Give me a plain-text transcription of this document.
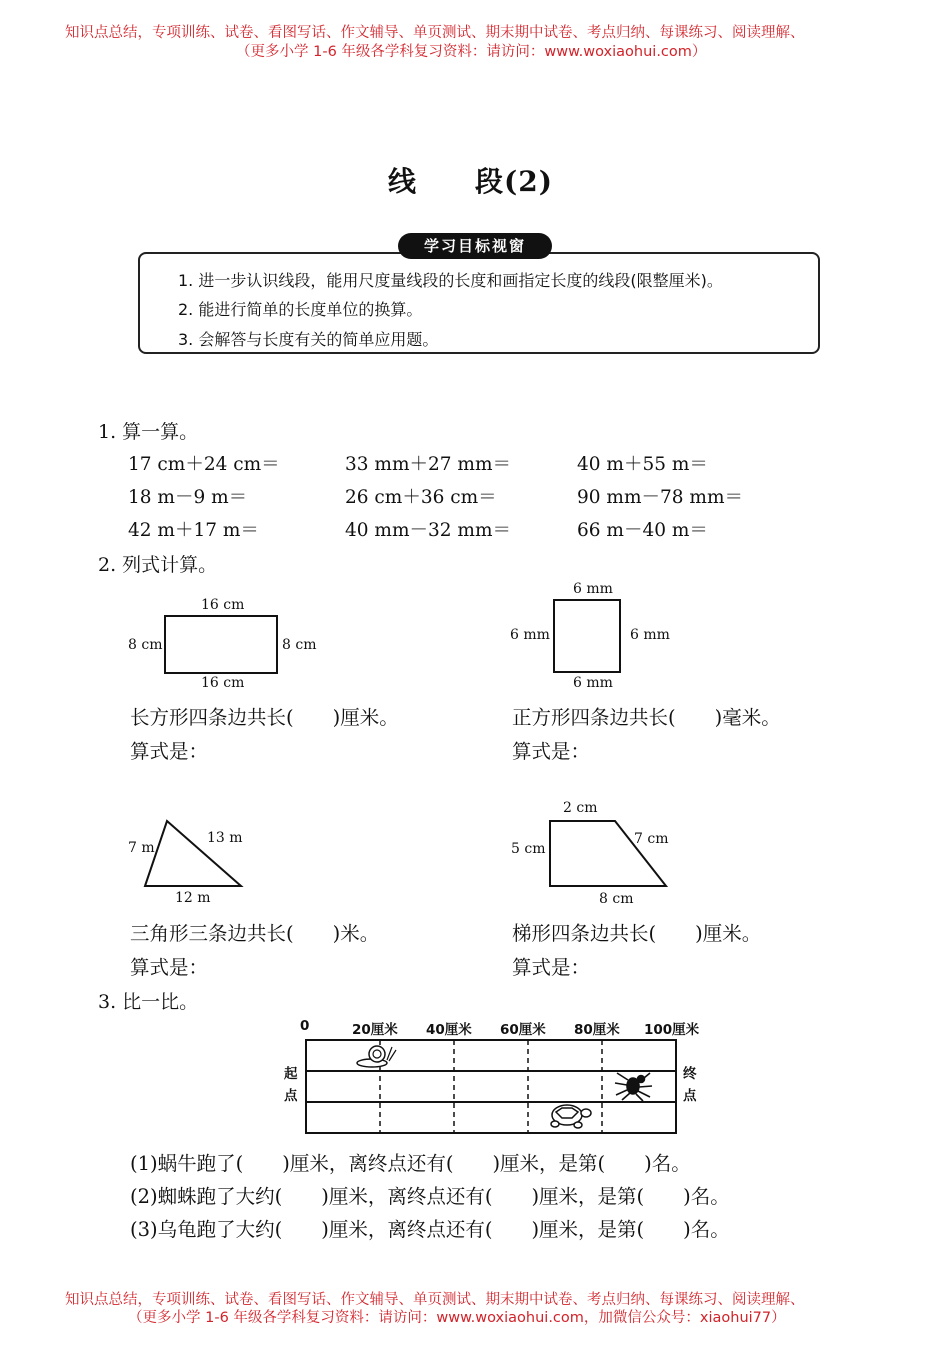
知识点总结，专项训练、试卷、看图写话、作文辅导、单页测试、期末期中试卷、考点归纳、每课练习、阅读理解、
（更多小学 1-6 年级各学科复习资料：请访问：www.woxiaohui.com）
线　　段(2)
学习目标视窗
1. 进一步认识线段，能用尺度量线段的长度和画指定长度的线段(限整厘米)。
2. 能进行简单的长度单位的换算。
3. 会解答与长度有关的简单应用题。
1. 算一算。
17 cm＋24 cm＝	33 mm＋27 mm＝	40 m＋55 m＝
18 m－9 m＝	26 cm＋36 cm＝	90 mm－78 mm＝
42 m＋17 m＝	40 mm－32 mm＝	66 m－40 m＝
2. 列式计算。
16 cm
16 cm
8 cm	8 cm
长方形四条边共长(　　)厘米。
算式是：
6 mm
6 mm
6 mm	6 mm
正方形四条边共长(　　)毫米。
算式是：
7 m
13 m
12 m
三角形三条边共长(　　)米。
算式是：
2 cm
5 cm
7 cm
8 cm
梯形四条边共长(　　)厘米。
算式是：
3. 比一比。
0	20厘米 40厘米 60厘米 80厘米 100厘米
起
点
终
点
(1)蜗牛跑了(　　)厘米，离终点还有(　　)厘米，是第(　　)名。
(2)蜘蛛跑了大约(　　)厘米，离终点还有(　　)厘米，是第(　　)名。
(3)乌龟跑了大约(　　)厘米，离终点还有(　　)厘米，是第(　　)名。
知识点总结，专项训练、试卷、看图写话、作文辅导、单页测试、期末期中试卷、考点归纳、每课练习、阅读理解、
（更多小学 1-6 年级各学科复习资料：请访问：www.woxiaohui.com，加微信公众号：xiaohui77）
